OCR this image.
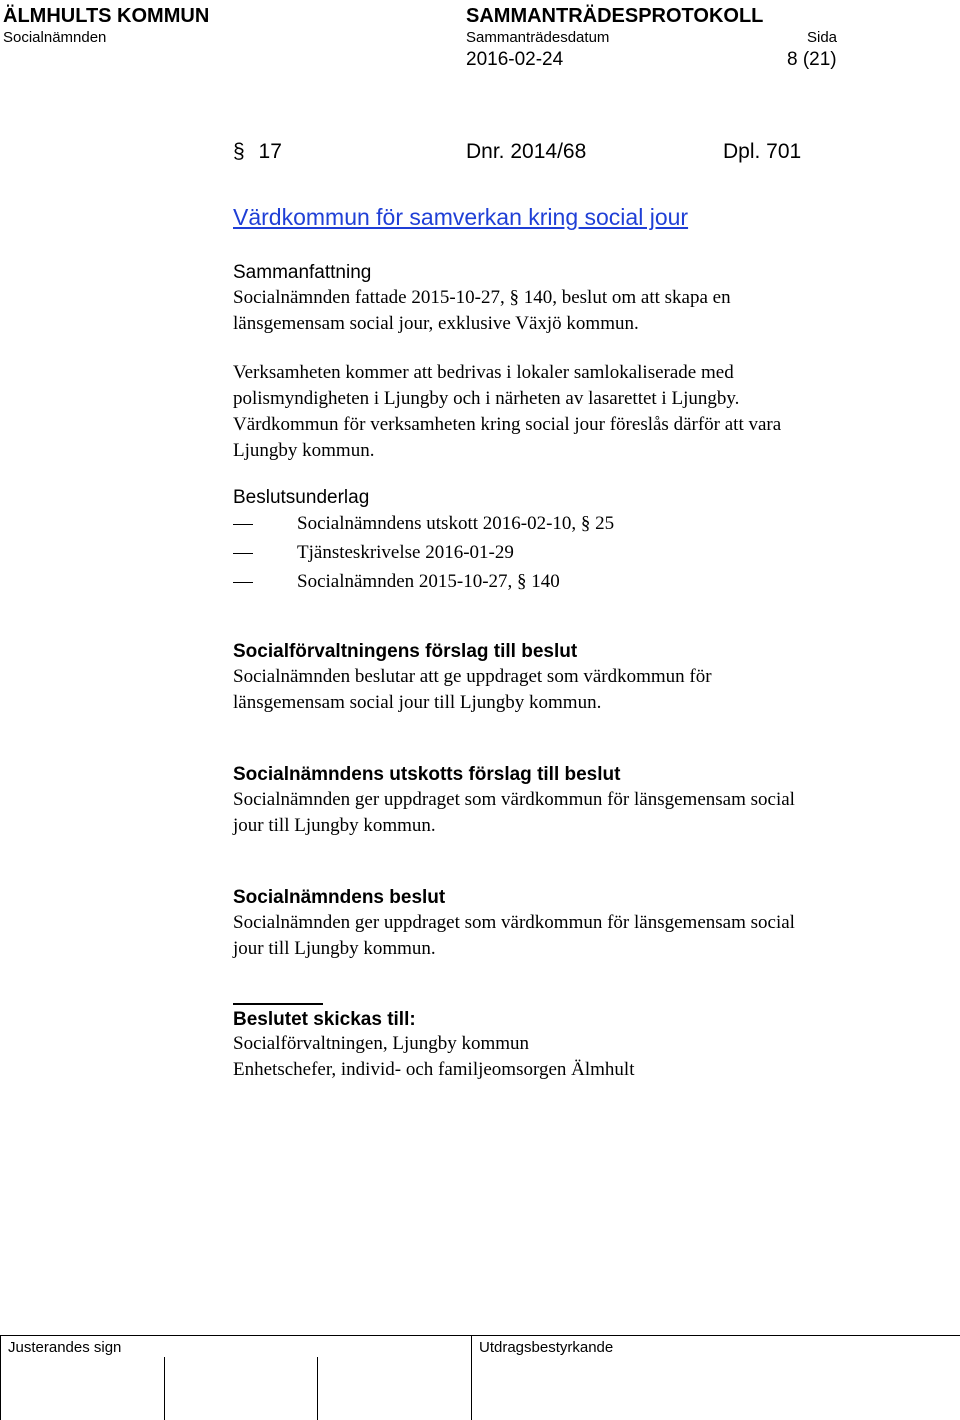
ÄLMHULTS KOMMUN	SAMMANTRÄDESPROTOKOLL
Socialnämnden	Sammanträdesdatum	Sida
2016-02-24	8 (21)
§ 17	Dnr. 2014/68	Dpl. 701
Värdkommun för samverkan kring social jour
Sammanfattning
Socialnämnden fattade 2015-10-27, § 140, beslut om att skapa en
länsgemensam social jour, exklusive Växjö kommun.
Verksamheten kommer att bedrivas i lokaler samlokaliserade med
polismyndigheten i Ljungby och i närheten av lasarettet i Ljungby.
Värdkommun för verksamheten kring social jour föreslås därför att vara
Ljungby kommun.
Beslutsunderlag
Socialnämndens utskott 2016-02-10, § 25
Tjänsteskrivelse 2016-01-29
Socialnämnden 2015-10-27, § 140
Socialförvaltningens förslag till beslut
Socialnämnden beslutar att ge uppdraget som värdkommun för
länsgemensam social jour till Ljungby kommun.
Socialnämndens utskotts förslag till beslut
Socialnämnden ger uppdraget som värdkommun för länsgemensam social
jour till Ljungby kommun.
Socialnämndens beslut
Socialnämnden ger uppdraget som värdkommun för länsgemensam social
jour till Ljungby kommun.
Beslutet skickas till:
Socialförvaltningen, Ljungby kommun
Enhetschefer, individ- och familjeomsorgen Älmhult
Justerandes sign	Utdragsbestyrkande
